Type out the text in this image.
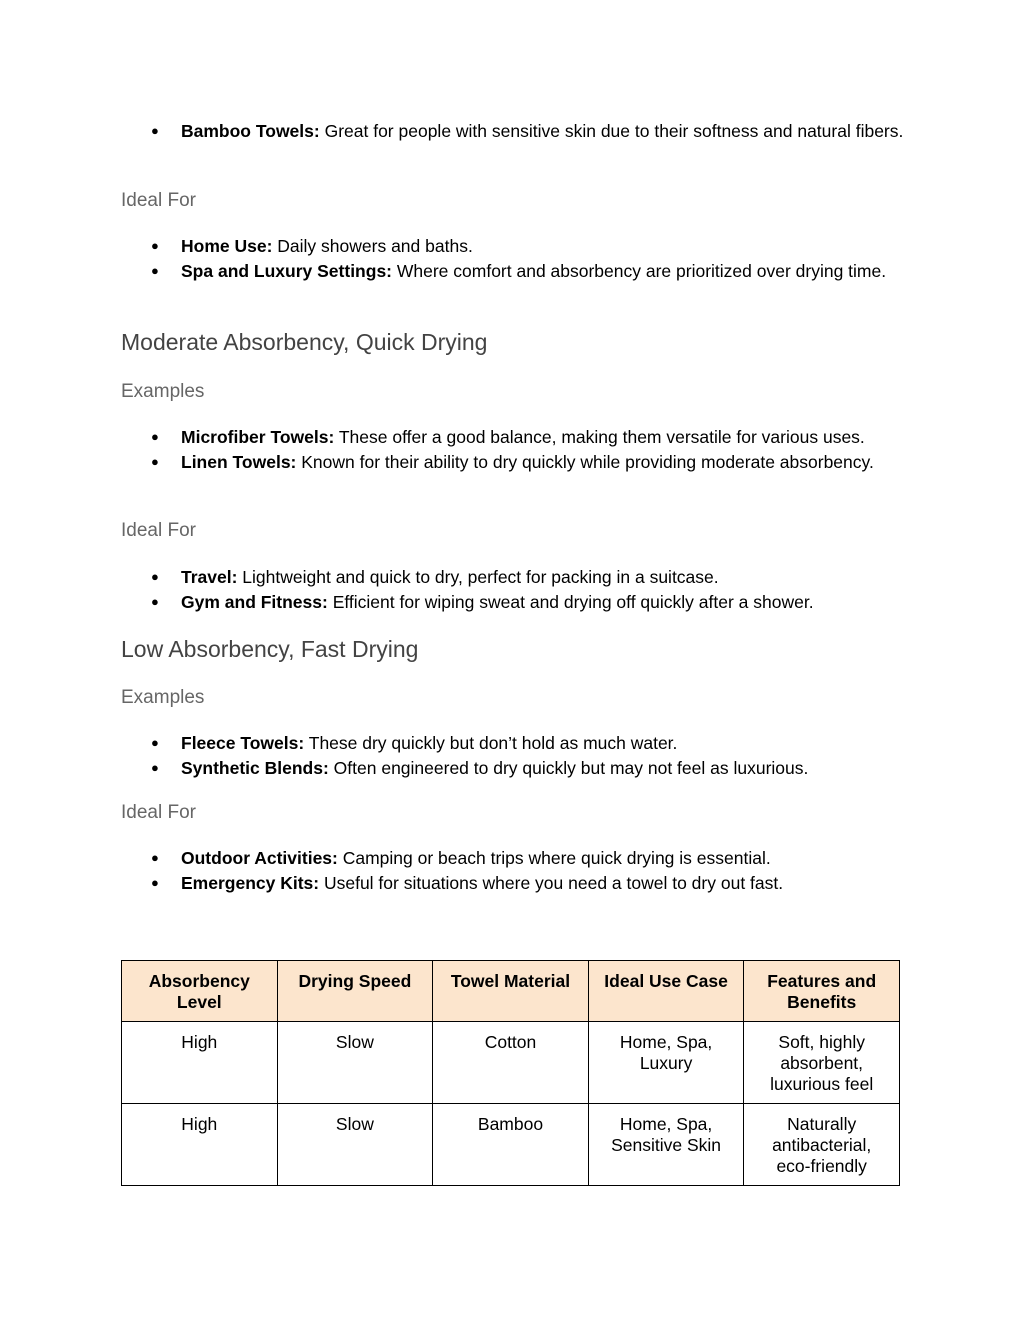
● Bamboo Towels: Great for people with sensitive skin due to their softness and natural fibers.
Ideal For
● Home Use: Daily showers and baths.
● Spa and Luxury Settings: Where comfort and absorbency are prioritized over drying time.
Moderate Absorbency, Quick Drying
Examples
● Microfiber Towels: These offer a good balance, making them versatile for various uses.
● Linen Towels: Known for their ability to dry quickly while providing moderate absorbency.
Ideal For
● Travel: Lightweight and quick to dry, perfect for packing in a suitcase.
● Gym and Fitness: Efficient for wiping sweat and drying off quickly after a shower.
Low Absorbency, Fast Drying
Examples
● Fleece Towels: These dry quickly but don’t hold as much water.
● Synthetic Blends: Often engineered to dry quickly but may not feel as luxurious.
Ideal For
● Outdoor Activities: Camping or beach trips where quick drying is essential.
● Emergency Kits: Useful for situations where you need a towel to dry out fast.
Absorbency Level	Drying Speed	Towel Material	Ideal Use Case	Features and Benefits
High	Slow	Cotton	Home, Spa, Luxury	Soft, highly absorbent, luxurious feel
High	Slow	Bamboo	Home, Spa, Sensitive Skin	Naturally antibacterial, eco-friendly
